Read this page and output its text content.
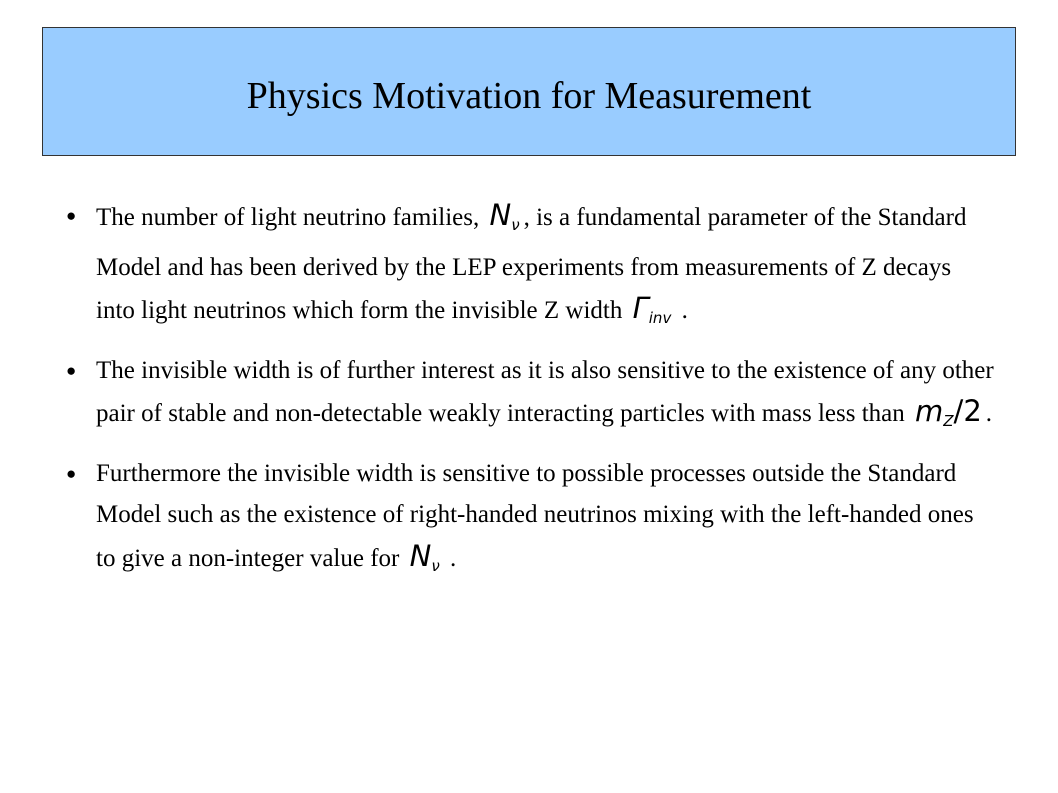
Physics Motivation for Measurement
● The number of light neutrino families, $N_\nu$ , is a fundamental parameter of the Standard Model and has been derived by the LEP experiments from measurements of Z decays into light neutrinos which form the invisible Z width $\Gamma_{inv}$ .
● The invisible width is of further interest as it is also sensitive to the existence of any other pair of stable and non-detectable weakly interacting particles with mass less than $m_Z/2$ .
● Furthermore the invisible width is sensitive to possible processes outside the Standard Model such as the existence of right-handed neutrinos mixing with the left-handed ones to give a non-integer value for $N_\nu$ .
